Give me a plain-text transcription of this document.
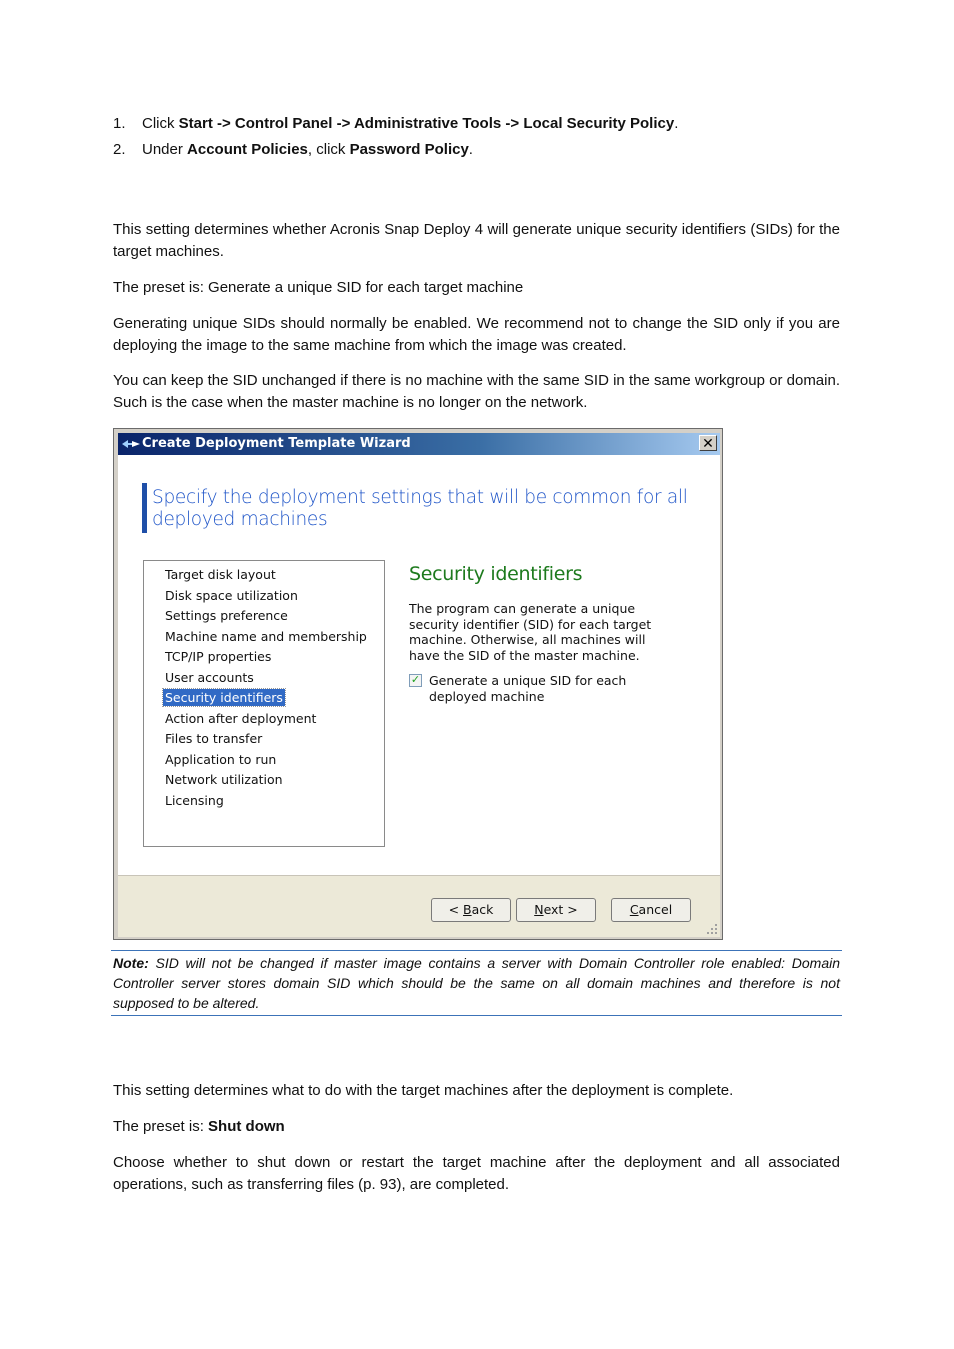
1. Click Start -> Control Panel -> Administrative Tools -> Local Security Policy.
2. Under Account Policies, click Password Policy.
This setting determines whether Acronis Snap Deploy 4 will generate unique security identifiers (SIDs) for the target machines.
The preset is: Generate a unique SID for each target machine
Generating unique SIDs should normally be enabled. We recommend not to change the SID only if you are deploying the image to the same machine from which the image was created.
You can keep the SID unchanged if there is no machine with the same SID in the same workgroup or domain. Such is the case when the master machine is no longer on the network.
Create Deployment Template Wizard	✕
Specify the deployment settings that will be common for all deployed machines
Target disk layout
Disk space utilization
Settings preference
Machine name and membership
TCP/IP properties
User accounts
Security identifiers
Action after deployment
Files to transfer
Application to run
Network utilization
Licensing
Security identifiers
The program can generate a unique security identifier (SID) for each target machine. Otherwise, all machines will have the SID of the master machine.
✓ Generate a unique SID for each deployed machine
< Back	Next >	Cancel
Note: SID will not be changed if master image contains a server with Domain Controller role enabled: Domain Controller server stores domain SID which should be the same on all domain machines and therefore is not supposed to be altered.
This setting determines what to do with the target machines after the deployment is complete.
The preset is: Shut down
Choose whether to shut down or restart the target machine after the deployment and all associated operations, such as transferring files (p. 93), are completed.
